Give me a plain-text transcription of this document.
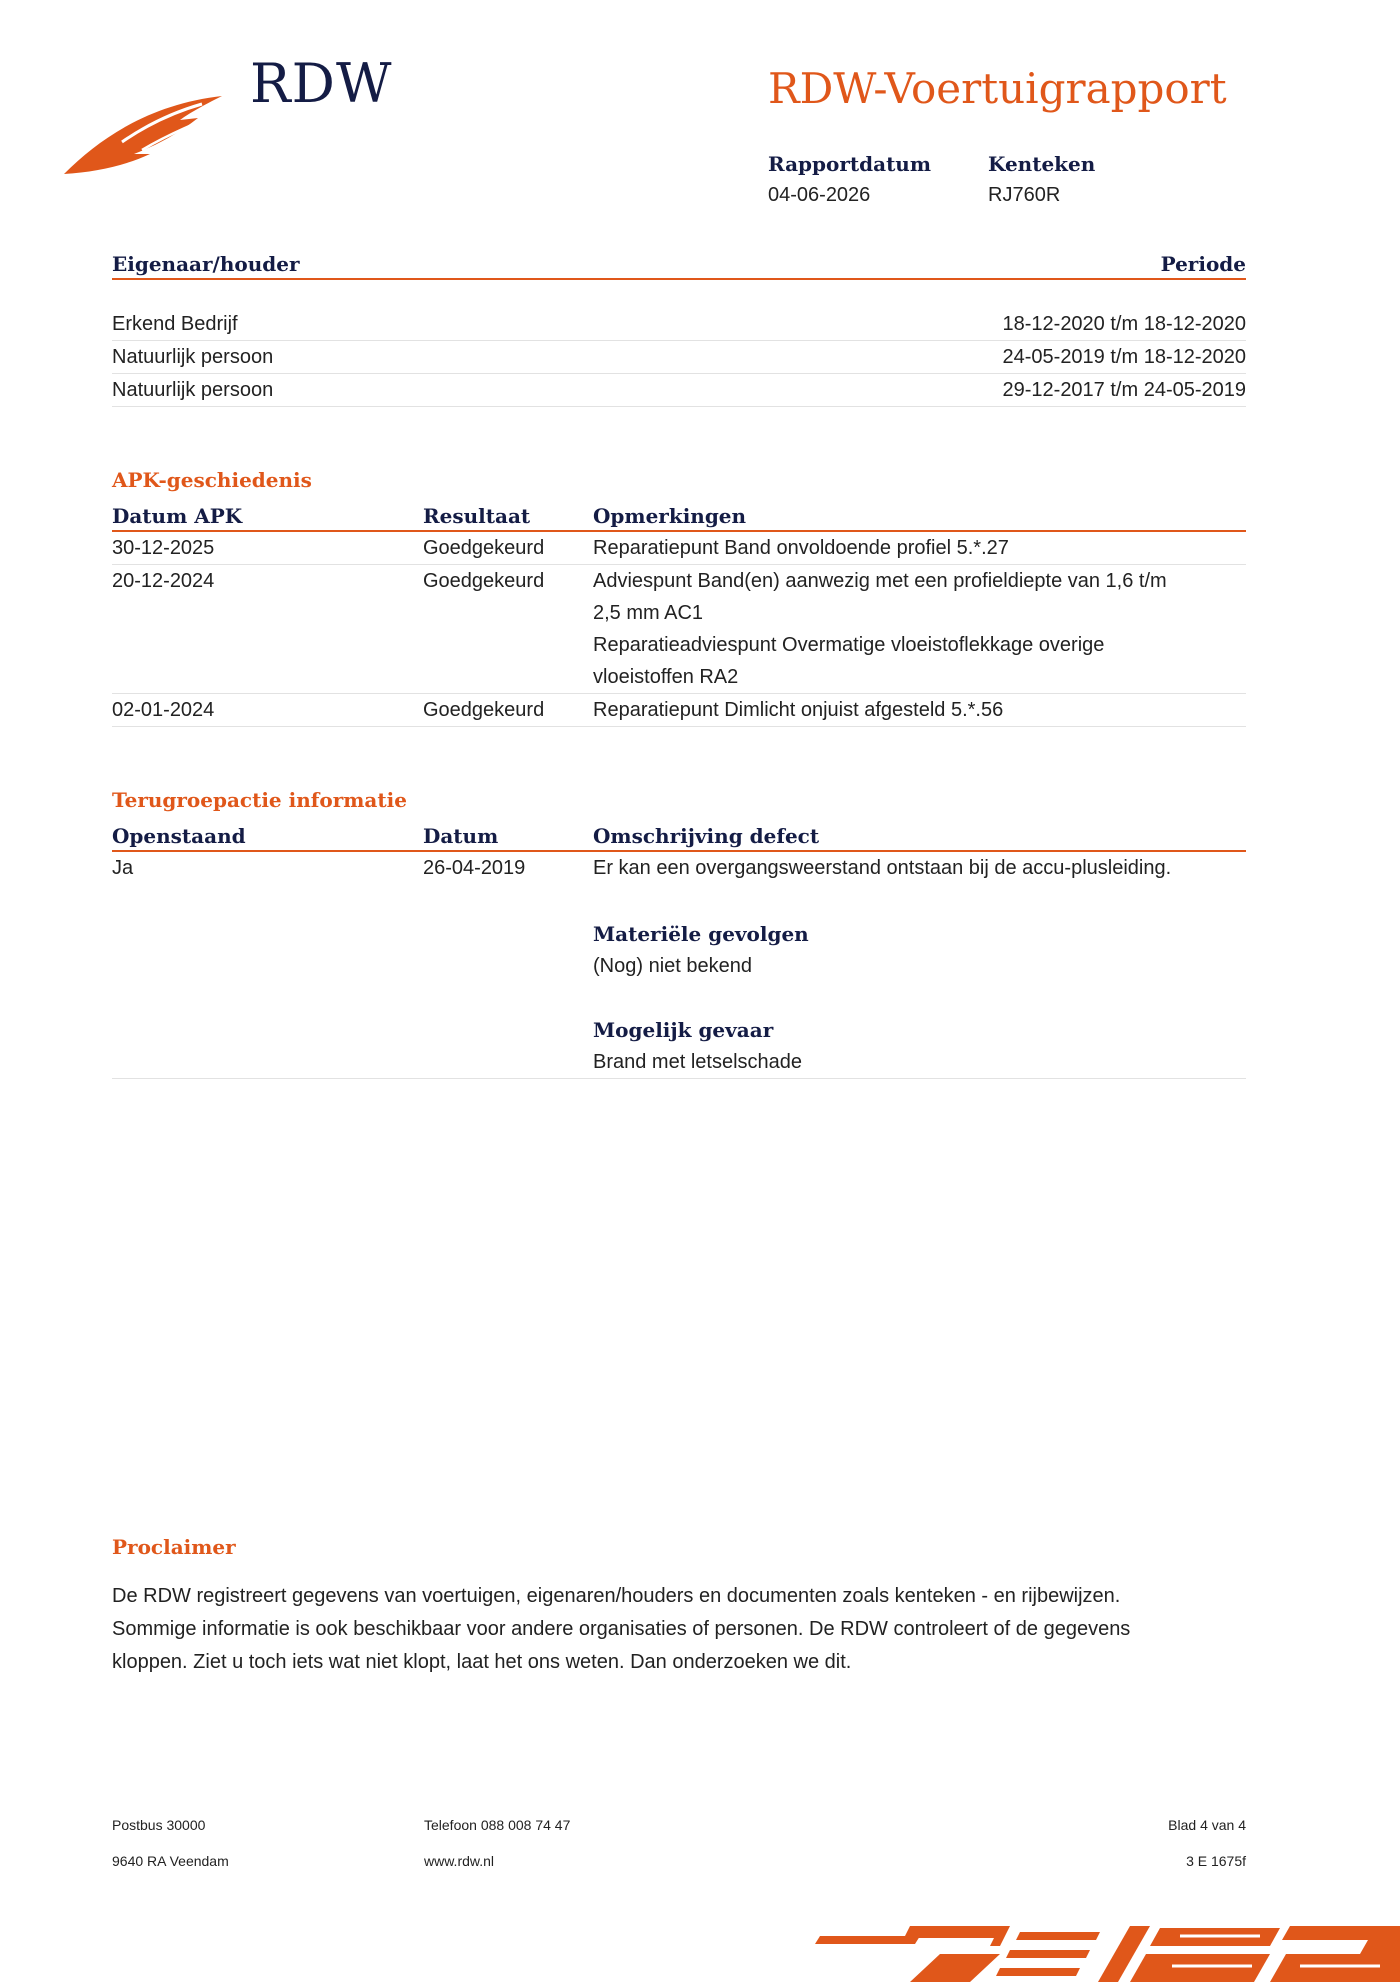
RDW	RDW-Voertuigrapport
Rapportdatum
04-06-2026
Kenteken
RJ760R
Eigenaar/houder	Periode
Erkend Bedrijf	18-12-2020 t/m 18-12-2020
Natuurlijk persoon	24-05-2019 t/m 18-12-2020
Natuurlijk persoon	29-12-2017 t/m 24-05-2019
APK-geschiedenis
Datum APK	Resultaat	Opmerkingen
30-12-2025	Goedgekeurd	Reparatiepunt Band onvoldoende profiel 5.*.27
20-12-2024	Goedgekeurd	Adviespunt Band(en) aanwezig met een profieldiepte van 1,6 t/m
2,5 mm AC1
Reparatieadviespunt Overmatige vloeistoflekkage overige
vloeistoffen RA2
02-01-2024	Goedgekeurd	Reparatiepunt Dimlicht onjuist afgesteld 5.*.56
Terugroepactie informatie
Openstaand	Datum	Omschrijving defect
Ja	26-04-2019	Er kan een overgangsweerstand ontstaan bij de accu-plusleiding.
Materiële gevolgen
(Nog) niet bekend
Mogelijk gevaar
Brand met letselschade
Proclaimer
De RDW registreert gegevens van voertuigen, eigenaren/houders en documenten zoals kenteken - en rijbewijzen.
Sommige informatie is ook beschikbaar voor andere organisaties of personen. De RDW controleert of de gegevens
kloppen. Ziet u toch iets wat niet klopt, laat het ons weten. Dan onderzoeken we dit.
Postbus 30000
9640 RA Veendam
Telefoon 088 008 74 47
www.rdw.nl
Blad 4 van 4
3 E 1675f
